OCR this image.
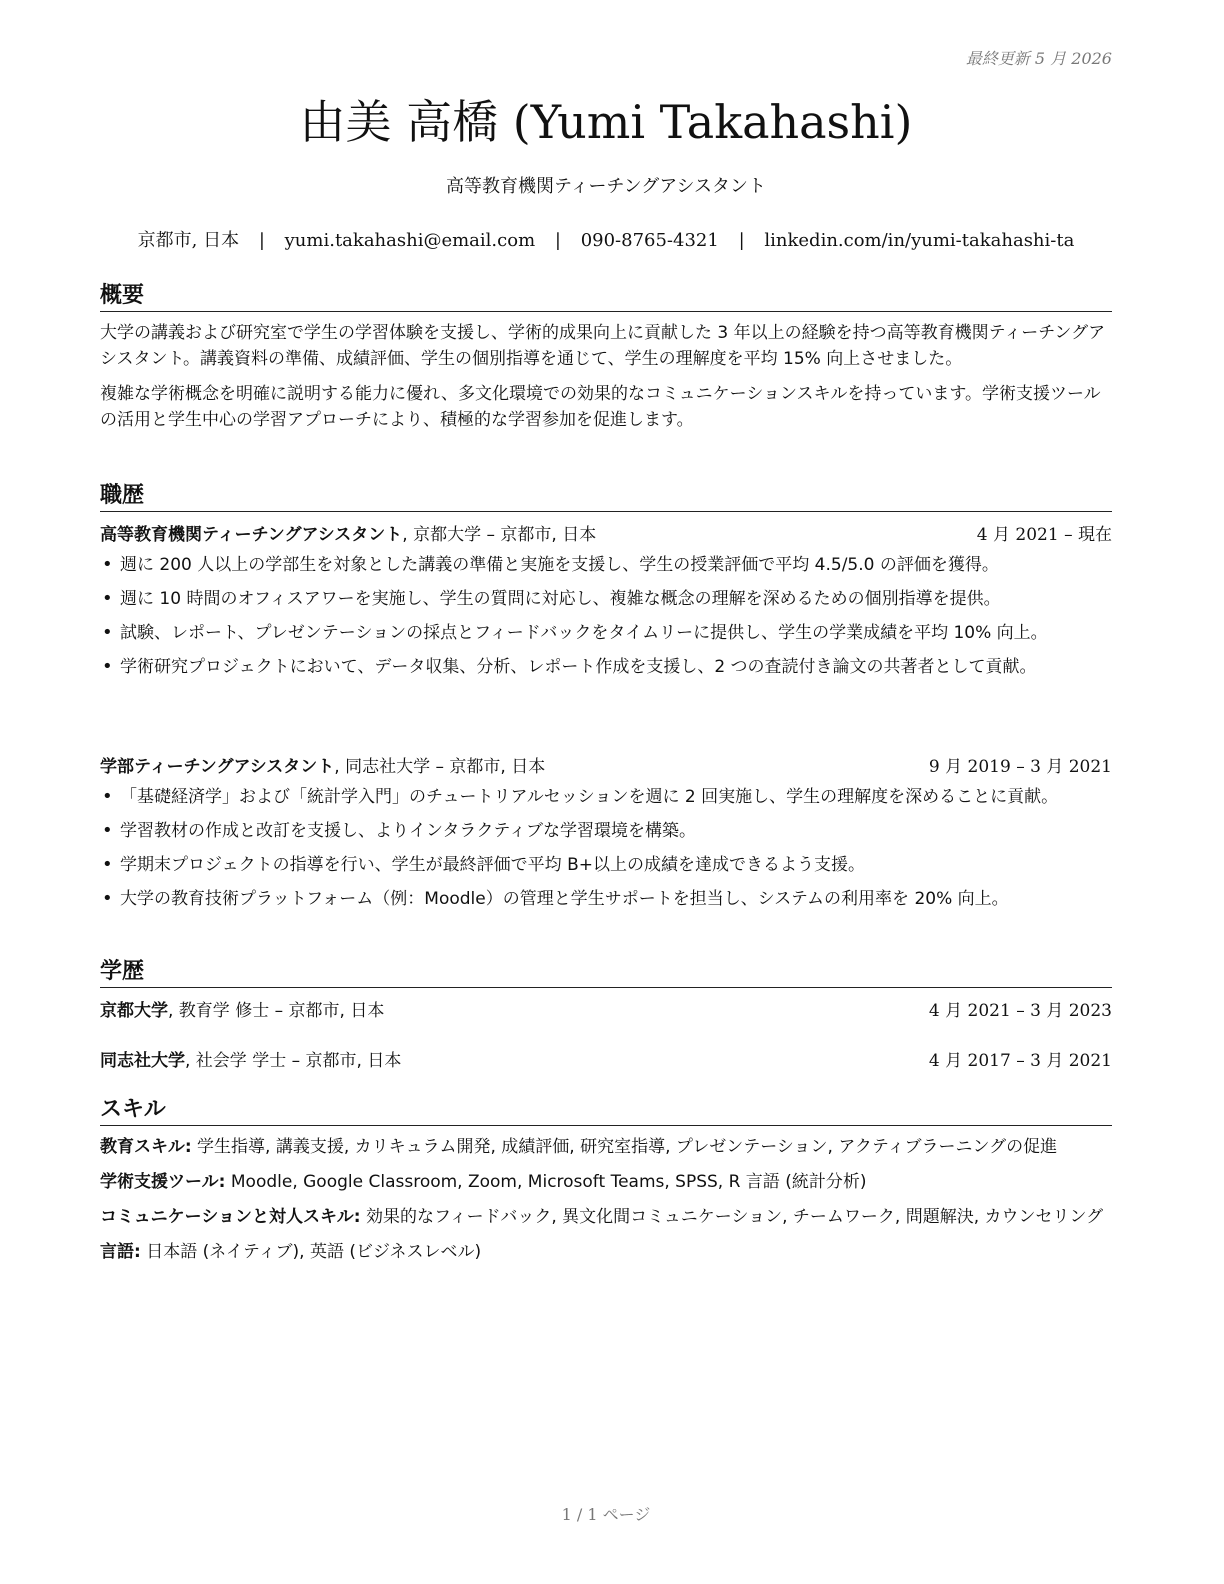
最終更新 5 月 2026
由美 高橋 (Yumi Takahashi)
高等教育機関ティーチングアシスタント
京都市, 日本 | yumi.takahashi@email.com | 090-8765-4321 | linkedin.com/in/yumi-takahashi-ta
概要

大学の講義および研究室で学生の学習体験を支援し、学術的成果向上に貢献した 3 年以上の経験を持つ高等教育機関ティーチングアシスタント。講義資料の準備、成績評価、学生の個別指導を通じて、学生の理解度を平均 15% 向上させました。

複雑な学術概念を明確に説明する能力に優れ、多文化環境での効果的なコミュニケーションスキルを持っています。学術支援ツールの活用と学生中心の学習アプローチにより、積極的な学習参加を促進します。

職歴
高等教育機関ティーチングアシスタント, 京都大学 – 京都市, 日本	4 月 2021 – 現在
• 週に 200 人以上の学部生を対象とした講義の準備と実施を支援し、学生の授業評価で平均 4.5/5.0 の評価を獲得。
• 週に 10 時間のオフィスアワーを実施し、学生の質問に対応し、複雑な概念の理解を深めるための個別指導を提供。
• 試験、レポート、プレゼンテーションの採点とフィードバックをタイムリーに提供し、学生の学業成績を平均 10% 向上。
• 学術研究プロジェクトにおいて、データ収集、分析、レポート作成を支援し、2 つの査読付き論文の共著者として貢献。
学部ティーチングアシスタント, 同志社大学 – 京都市, 日本	9 月 2019 – 3 月 2021
• 「基礎経済学」および「統計学入門」のチュートリアルセッションを週に 2 回実施し、学生の理解度を深めることに貢献。
• 学習教材の作成と改訂を支援し、よりインタラクティブな学習環境を構築。
• 学期末プロジェクトの指導を行い、学生が最終評価で平均 B+以上の成績を達成できるよう支援。
• 大学の教育技術プラットフォーム（例：Moodle）の管理と学生サポートを担当し、システムの利用率を 20% 向上。
学歴
京都大学, 教育学 修士 – 京都市, 日本	4 月 2021 – 3 月 2023
同志社大学, 社会学 学士 – 京都市, 日本	4 月 2017 – 3 月 2021
スキル
教育スキル: 学生指導, 講義支援, カリキュラム開発, 成績評価, 研究室指導, プレゼンテーション, アクティブラーニングの促進
学術支援ツール: Moodle, Google Classroom, Zoom, Microsoft Teams, SPSS, R 言語 (統計分析)
コミュニケーションと対人スキル: 効果的なフィードバック, 異文化間コミュニケーション, チームワーク, 問題解決, カウンセリング
言語: 日本語 (ネイティブ), 英語 (ビジネスレベル)
1 / 1 ページ
